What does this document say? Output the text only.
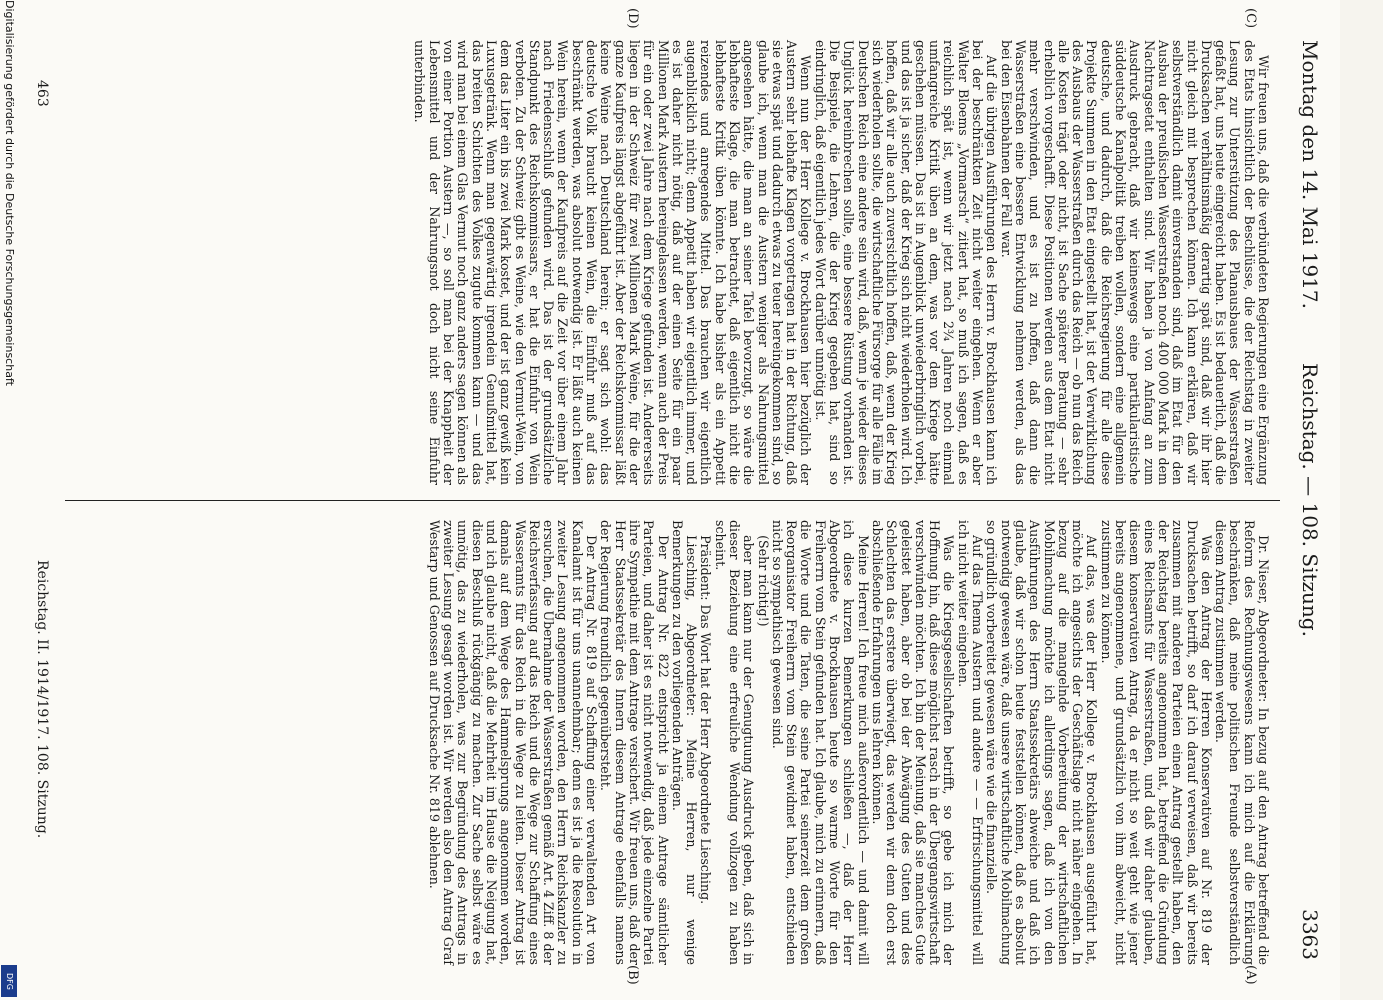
Montag den 14. Mai 1917.
Reichstag. — 108. Sitzung.
3363
(C)
(D)
(A)
(B)

Wir freuen uns, daß die verbündeten Regierungen eine Ergänzung des Etats hinsichtlich der Beschlüsse, die der Reichstag in zweiter Lesung zur Unterstützung des Planausbaues der Wasserstraßen gefaßt hat, uns heute eingereicht haben. Es ist bedauerlich, daß die Drucksachen verhältnismäßig derartig spät sind, daß wir ihr hier nicht gleich mit besprechen können. Ich kann erklären, daß wir selbstverständlich damit einverstanden sind, daß im Etat für den Ausbau der preußischen Wasserstraßen noch 400 000 Mark in dem Nachtragsetat enthalten sind. Wir haben ja von Anfang an zum Ausdruck gebracht, daß wir keineswegs eine partikularistische süddeutsche Kanalpolitik treiben wollen, sondern eine allgemein deutsche, und dadurch, daß die Reichsregierung für alle diese Projekte Summen in den Etat eingestellt hat, ist der Verwirklichung des Ausbaus der Wasserstraßen durch das Reich — ob nun das Reich alle Kosten trägt oder nicht, ist Sache späterer Beratung — sehr erheblich vorgeschafft. Diese Positionen werden aus dem Etat nicht mehr verschwinden, und es ist zu hoffen, daß dann die Wasserstraßen eine bessere Entwicklung nehmen werden, als das bei den Eisenbahnen der Fall war.

Auf die übrigen Ausführungen des Herrn v. Brockhausen kann ich bei der beschränkten Zeit nicht weiter eingehen. Wenn er aber Walter Bloems „Vormarsch“ zitiert hat, so muß ich sagen, daß es reichlich spät ist, wenn wir jetzt nach 2¾ Jahren noch einmal umfangreiche Kritik üben an dem, was vor dem Kriege hätte geschehen müssen. Das ist in Augenblick unwiederbringlich vorbei, und das ist ja sicher, daß der Krieg sich nicht wiederholen wird. Ich hoffen, daß wir alle auch zuversichtlich hoffen, daß, wenn der Krieg sich wiederholen sollte, die wirtschaftliche Fürsorge für alle Fälle im Deutschen Reich eine andere sein wird, daß, wenn je wieder dieses Unglück hereinbrechen sollte, eine bessere Rüstung vorhanden ist. Die Beispiele, die Lehren, die der Krieg gegeben hat, sind so eindringlich, daß eigentlich jedes Wort darüber unnötig ist.

Wenn nun der Herr Kollege v. Brockhausen hier bezüglich der Austern sehr lebhafte Klagen vorgetragen hat in der Richtung, daß sie etwas spät und dadurch etwas zu teuer hereingekommen sind, so glaube ich, wenn man die Austern weniger als Nahrungsmittel angesehen hätte, die man an seiner Tafel bevorzugt, so wäre die lebhafteste Klage, die man betrachtet, daß eigentlich nicht die lebhafteste Kritik üben könnte. Ich habe bisher als ein Appetit reizendes und anregendes Mittel. Das brauchen wir eigentlich augenblicklich nicht; denn Appetit haben wir eigentlich immer, und es ist daher nicht nötig, daß auf der einen Seite für ein paar Millionen Mark Austern hereingelassen werden, wenn auch der Preis für ein oder zwei Jahre nach dem Kriege gefunden ist. Andererseits liegen in der Schweiz für zwei Millionen Mark Weine, für die der ganze Kaufpreis längst abgeführt ist. Aber der Reichskommissar läßt keine Weine nach Deutschland herein; er sagt sich wohl: das deutsche Volk braucht keinen Wein, die Einfuhr muß auf das beschränkt werden, was absolut notwendig ist. Er läßt auch keinen Wein herein, wenn der Kaufpreis auf die Zeit vor über einem Jahr nach Friedensschluß gefunden wird. Das ist der grundsätzliche Standpunkt des Reichskommissars, er hat die Einfuhr von Wein verboten. Zu der Schweiz gibt es Weine, wie den Vermut-Wein, von dem das Liter ein bis zwei Mark kostet, und der ist ganz gewiß kein Luxusgetränk. Wenn man gegenwärtig irgendein Genußmittel hat, das breiten Schichten des Volkes zugute kommen kann — und das wird man bei einem Glas Vermut noch ganz anders sagen können als von einer Portion Austern —, so soll man bei der Knappheit der Lebensmittel und der Nahrungsnot doch nicht seine Einfuhr unterbinden.

Dr. Nieser, Abgeordneter: In bezug auf den Antrag betreffend die Reform des Rechnungswesens kann ich mich auf die Erklärung beschränken, daß meine politischen Freunde selbstverständlich diesem Antrag zustimmen werden.

Was den Antrag der Herren Konservativen auf Nr. 819 der Drucksachen betrifft, so darf ich darauf verweisen, daß wir bereits zusammen mit anderen Parteien einen Antrag gestellt haben, den der Reichstag bereits angenommen hat, betreffend die Gründung eines Reichsamts für Wasserstraßen, und daß wir daher glauben, diesem konservativen Antrag, da er nicht so weit geht wie jener bereits angenommene, und grundsätzlich von ihm abweicht, nicht zustimmen zu können.

Auf das, was der Herr Kollege v. Brockhausen ausgeführt hat, möchte ich angesichts der Geschäftslage nicht näher eingehen. In bezug auf die mangelnde Vorbereitung der wirtschaftlichen Mobilmachung möchte ich allerdings sagen, daß ich von den Ausführungen des Herrn Staatssekretärs abweiche und daß ich glaube, daß wir schon heute feststellen können, daß es absolut notwendig gewesen wäre, daß unsere wirtschaftliche Mobilmachung so gründlich vorbereitet gewesen wäre wie die finanzielle.

Auf das Thema Austern und andere — — Erfrischungsmittel will ich nicht weiter eingehen.

Was die Kriegsgesellschaften betrifft, so gebe ich mich der Hoffnung hin, daß diese möglichst rasch in der Übergangswirtschaft verschwinden möchten. Ich bin der Meinung, daß sie manches Gute geleistet haben, aber ob bei der Abwägung des Guten und des Schlechten das erstere überwiegt, das werden wir denn doch erst abschließende Erfahrungen uns lehren können.

Meine Herren! Ich freue mich außerordentlich — und damit will ich diese kurzen Bemerkungen schließen —, daß der Herr Abgeordnete v. Brockhausen heute so warme Worte für den Freiherrn vom Stein gefunden hat. Ich glaube, mich zu erinnern, daß die Worte und die Taten, die seine Partei seinerzeit dem großen Reorganisator Freiherrn vom Stein gewidmet haben, entschieden nicht so sympathisch gewesen sind.

(Sehr richtig!)

aber man kann nur der Genugtuung Ausdruck geben, daß sich in dieser Beziehung eine erfreuliche Wendung vollzogen zu haben scheint.

Präsident: Das Wort hat der Herr Abgeordnete Liesching.

Liesching, Abgeordneter: Meine Herren, nur wenige Bemerkungen zu den vorliegenden Anträgen.

Der Antrag Nr. 822 entspricht ja einem Antrage sämtlicher Parteien, und daher ist es nicht notwendig, daß jede einzelne Partei ihre Sympathie mit dem Antrage versichert. Wir freuen uns, daß der Herr Staatssekretär des Innern diesem Antrage ebenfalls namens der Regierung freundlich gegenübersteht.

Der Antrag Nr. 819 auf Schaffung einer verwaltenden Art von Kanalamt ist für uns unannehmbar; denn es ist ja die Resolution in zweiter Lesung angenommen worden, den Herrn Reichskanzler zu ersuchen, die Übernahme der Wasserstraßen gemäß Art. 4 Ziff. 8 der Reichsverfassung auf das Reich und die Wege zur Schaffung eines Wasseramts für das Reich in die Wege zu leiten. Dieser Antrag ist damals auf dem Wege des Hammelsprungs angenommen worden, und ich glaube nicht, daß die Mehrheit im Hause die Neigung hat, diesen Beschluß rückgängig zu machen. Zur Sache selbst wäre es unnötig, das zu wiederholen, was zur Begründung des Antrags in zweiter Lesung gesagt worden ist. Wir werden also den Antrag Graf Westarp und Genossen auf Drucksache Nr. 819 ablehnen.

Reichstag. II. 1914/1917. 108. Sitzung.
463
Digitalisierung gefördert durch die Deutsche Forschungsgemeinschaft
DFG
